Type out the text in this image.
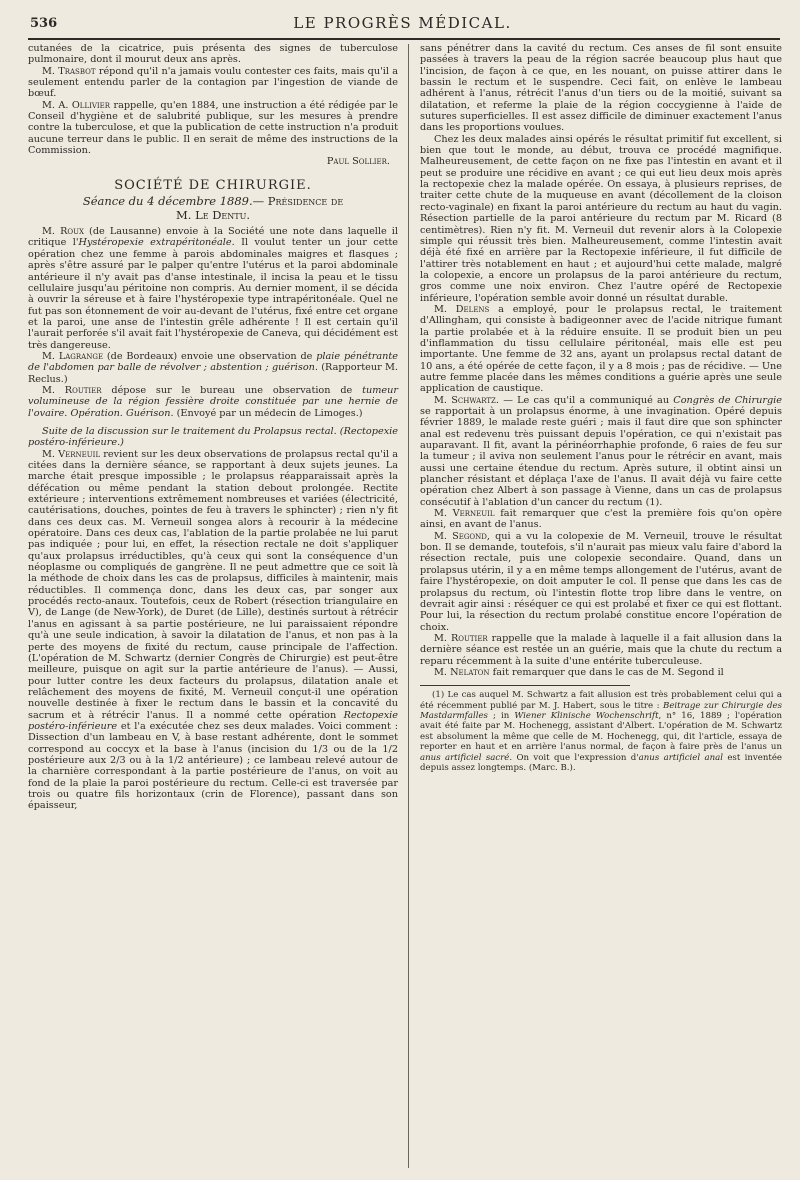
536	LE PROGRÈS MÉDICAL.

cutanées de la cicatrice, puis présenta des signes de tuberculose pulmonaire, dont il mourut deux ans après.

M. Trasbot répond qu'il n'a jamais voulu contester ces faits, mais qu'il a seulement entendu parler de la contagion par l'ingestion de viande de bœuf.

M. A. Ollivier rappelle, qu'en 1884, une instruction a été rédigée par le Conseil d'hygiène et de salubrité publique, sur les mesures à prendre contre la tuberculose, et que la publication de cette instruction n'a produit aucune terreur dans le public. Il en serait de même des instructions de la Commission.

Paul Sollier.
SOCIÉTÉ DE CHIRURGIE.
Séance du 4 décembre 1889.— Présidence de
M. Le Dentu.

M. Roux (de Lausanne) envoie à la Société une note dans laquelle il critique l'Hystéropexie extrapéritonéale. Il voulut tenter un jour cette opération chez une femme à parois abdominales maigres et flasques ; après s'être assuré par le palper qu'entre l'utérus et la paroi abdominale antérieure il n'y avait pas d'anse intestinale, il incisa la peau et le tissu cellulaire jusqu'au péritoine non compris. Au dernier moment, il se décida à ouvrir la séreuse et à faire l'hystéropexie type intrapéritonéale. Quel ne fut pas son étonnement de voir au-devant de l'utérus, fixé entre cet organe et la paroi, une anse de l'intestin grêle adhérente ! Il est certain qu'il l'aurait perforée s'il avait fait l'hystéropexie de Caneva, qui décidément est très dangereuse.

M. Lagrange (de Bordeaux) envoie une observation de plaie pénétrante de l'abdomen par balle de révolver ; abstention ; guérison. (Rapporteur M. Reclus.)

M. Routier dépose sur le bureau une observation de tumeur volumineuse de la région fessière droite constituée par une hernie de l'ovaire. Opération. Guérison. (Envoyé par un médecin de Limoges.)

Suite de la discussion sur le traitement du Prolapsus rectal. (Rectopexie postéro-inférieure.)

M. Verneuil revient sur les deux observations de prolapsus rectal qu'il a citées dans la dernière séance, se rapportant à deux sujets jeunes. La marche était presque impossible ; le prolapsus réapparaissait après la défécation ou même pendant la station debout prolongée. Rectite extérieure ; interventions extrêmement nombreuses et variées (électricité, cautérisations, douches, pointes de feu à travers le sphincter) ; rien n'y fit dans ces deux cas. M. Verneuil songea alors à recourir à la médecine opératoire. Dans ces deux cas, l'ablation de la partie prolabée ne lui parut pas indiquée ; pour lui, en effet, la résection rectale ne doit s'appliquer qu'aux prolapsus irréductibles, qu'à ceux qui sont la conséquence d'un néoplasme ou compliqués de gangrène. Il ne peut admettre que ce soit là la méthode de choix dans les cas de prolapsus, difficiles à maintenir, mais réductibles. Il commença donc, dans les deux cas, par songer aux procédés recto-anaux. Toutefois, ceux de Robert (résection triangulaire en V), de Lange (de New-York), de Duret (de Lille), destinés surtout à rétrécir l'anus en agissant à sa partie postérieure, ne lui paraissaient répondre qu'à une seule indication, à savoir la dilatation de l'anus, et non pas à la perte des moyens de fixité du rectum, cause principale de l'affection. (L'opération de M. Schwartz (dernier Congrès de Chirurgie) est peut-être meilleure, puisque on agit sur la partie antérieure de l'anus). — Aussi, pour lutter contre les deux facteurs du prolapsus, dilatation anale et relâchement des moyens de fixité, M. Verneuil conçut-il une opération nouvelle destinée à fixer le rectum dans le bassin et la concavité du sacrum et à rétrécir l'anus. Il a nommé cette opération Rectopexie postéro-inférieure et l'a exécutée chez ses deux malades. Voici comment : Dissection d'un lambeau en V, à base restant adhérente, dont le sommet correspond au coccyx et la base à l'anus (incision du 1/3 ou de la 1/2 postérieure aux 2/3 ou à la 1/2 antérieure) ; ce lambeau relevé autour de la charnière correspondant à la partie postérieure de l'anus, on voit au fond de la plaie la paroi postérieure du rectum. Celle-ci est traversée par trois ou quatre fils horizontaux (crin de Florence), passant dans son épaisseur,

sans pénétrer dans la cavité du rectum. Ces anses de fil sont ensuite passées à travers la peau de la région sacrée beaucoup plus haut que l'incision, de façon à ce que, en les nouant, on puisse attirer dans le bassin le rectum et le suspendre. Ceci fait, on enlève le lambeau adhérent à l'anus, rétrécit l'anus d'un tiers ou de la moitié, suivant sa dilatation, et referme la plaie de la région coccygienne à l'aide de sutures superficielles. Il est assez difficile de diminuer exactement l'anus dans les proportions voulues.

Chez les deux malades ainsi opérés le résultat primitif fut excellent, si bien que tout le monde, au début, trouva ce procédé magnifique. Malheureusement, de cette façon on ne fixe pas l'intestin en avant et il peut se produire une récidive en avant ; ce qui eut lieu deux mois après la rectopexie chez la malade opérée. On essaya, à plusieurs reprises, de traiter cette chute de la muqueuse en avant (décollement de la cloison recto-vaginale) en fixant la paroi antérieure du rectum au haut du vagin. Résection partielle de la paroi antérieure du rectum par M. Ricard (8 centimètres). Rien n'y fit. M. Verneuil dut revenir alors à la Colopexie simple qui réussit très bien. Malheureusement, comme l'intestin avait déjà été fixé en arrière par la Rectopexie inférieure, il fut difficile de l'attirer très notablement en haut ; et aujourd'hui cette malade, malgré la colopexie, a encore un prolapsus de la paroi antérieure du rectum, gros comme une noix environ. Chez l'autre opéré de Rectopexie inférieure, l'opération semble avoir donné un résultat durable.

M. Delens a employé, pour le prolapsus rectal, le traitement d'Allingham, qui consiste à badigeonner avec de l'acide nitrique fumant la partie prolabée et à la réduire ensuite. Il se produit bien un peu d'inflammation du tissu cellulaire péritonéal, mais elle est peu importante. Une femme de 32 ans, ayant un prolapsus rectal datant de 10 ans, a été opérée de cette façon, il y a 8 mois ; pas de récidive. — Une autre femme placée dans les mêmes conditions a guérie après une seule application de caustique.

M. Schwartz. — Le cas qu'il a communiqué au Congrès de Chirurgie se rapportait à un prolapsus énorme, à une invagination. Opéré depuis février 1889, le malade reste guéri ; mais il faut dire que son sphincter anal est redevenu très puissant depuis l'opération, ce qui n'existait pas auparavant. Il fit, avant la périnéorrhaphie profonde, 6 raies de feu sur la tumeur ; il aviva non seulement l'anus pour le rétrécir en avant, mais aussi une certaine étendue du rectum. Après suture, il obtint ainsi un plancher résistant et déplaça l'axe de l'anus. Il avait déjà vu faire cette opération chez Albert à son passage à Vienne, dans un cas de prolapsus consécutif à l'ablation d'un cancer du rectum (1).

M. Verneuil fait remarquer que c'est la première fois qu'on opère ainsi, en avant de l'anus.

M. Segond, qui a vu la colopexie de M. Verneuil, trouve le résultat bon. Il se demande, toutefois, s'il n'aurait pas mieux valu faire d'abord la résection rectale, puis une colopexie secondaire. Quand, dans un prolapsus utérin, il y a en même temps allongement de l'utérus, avant de faire l'hystéropexie, on doit amputer le col. Il pense que dans les cas de prolapsus du rectum, où l'intestin flotte trop libre dans le ventre, on devrait agir ainsi : réséquer ce qui est prolabé et fixer ce qui est flottant. Pour lui, la résection du rectum prolabé constitue encore l'opération de choix.

M. Routier rappelle que la malade à laquelle il a fait allusion dans la dernière séance est restée un an guérie, mais que la chute du rectum a reparu récemment à la suite d'une entérite tuberculeuse.

M. Nelaton fait remarquer que dans le cas de M. Segond il

(1) Le cas auquel M. Schwartz a fait allusion est très probablement celui qui a été récemment publié par M. J. Habert, sous le titre : Beitrage zur Chirurgie des Mastdarmfalles ; in Wiener Klinische Wochenschrift, n° 16, 1889 ; l'opération avait été faite par M. Hochenegg, assistant d'Albert. L'opération de M. Schwartz est absolument la même que celle de M. Hochenegg, qui, dit l'article, essaya de reporter en haut et en arrière l'anus normal, de façon à faire près de l'anus un anus artificiel sacré. On voit que l'expression d'anus artificiel anal est inventée depuis assez longtemps. (Marc. B.).
